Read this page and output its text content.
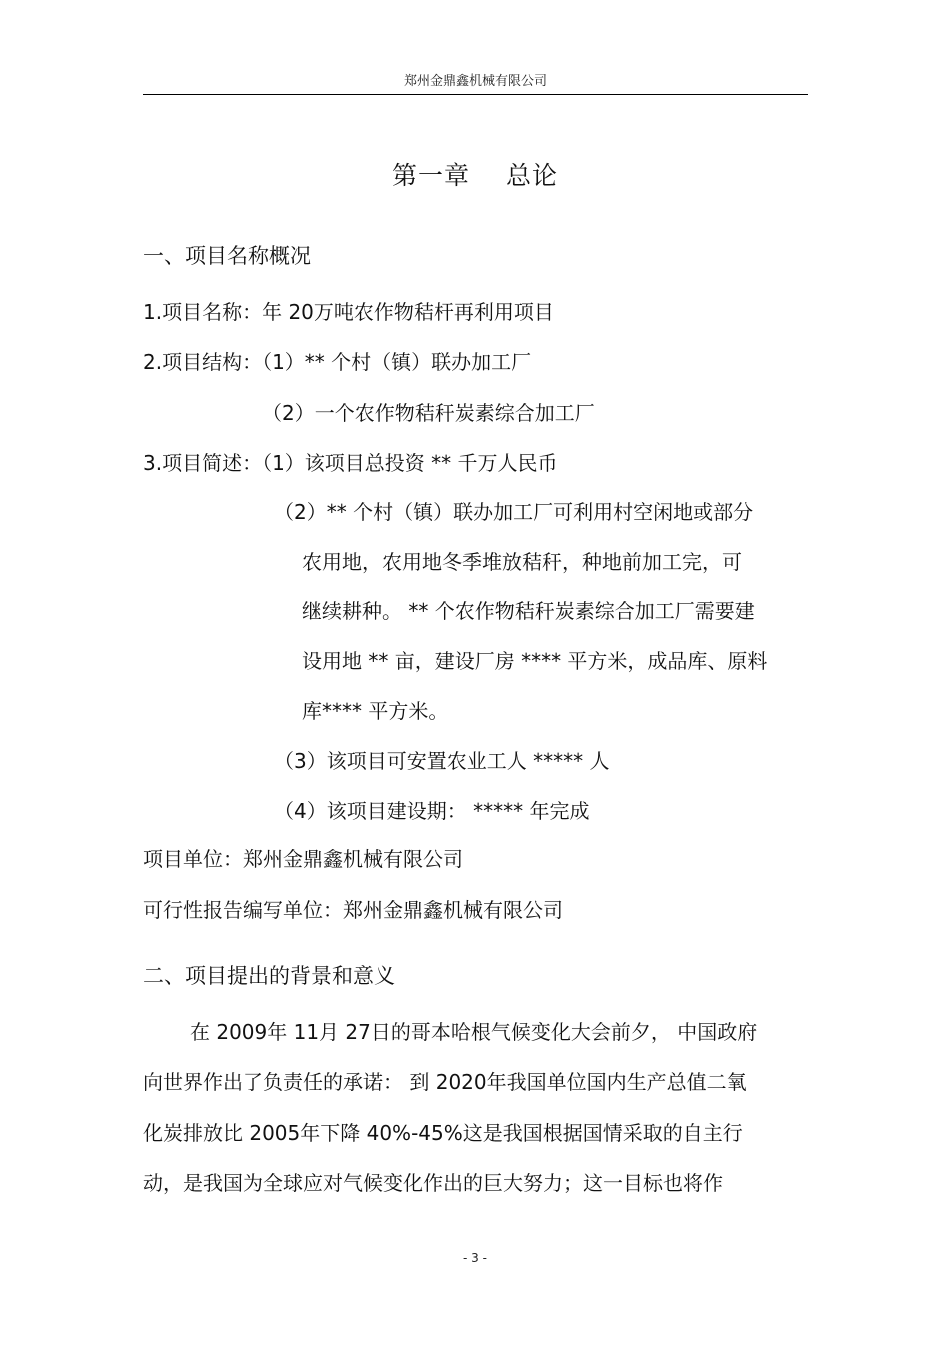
郑州金鼎鑫机械有限公司
第一章 总论
一、项目名称概况
1.项目名称：年 20万吨农作物秸杆再利用项目
2.项目结构：（1）** 个村（镇）联办加工厂
（2）一个农作物秸秆炭素综合加工厂
3.项目简述：（1）该项目总投资 ** 千万人民币
（2）** 个村（镇）联办加工厂可利用村空闲地或部分
农用地，农用地冬季堆放秸秆，种地前加工完，可
继续耕种。 ** 个农作物秸秆炭素综合加工厂需要建
设用地 ** 亩，建设厂房 **** 平方米，成品库、原料
库**** 平方米。
（3）该项目可安置农业工人 ***** 人
（4）该项目建设期： ***** 年完成
项目单位：郑州金鼎鑫机械有限公司
可行性报告编写单位：郑州金鼎鑫机械有限公司
二、项目提出的背景和意义
在 2009年 11月 27日的哥本哈根气候变化大会前夕， 中国政府
向世界作出了负责任的承诺： 到 2020年我国单位国内生产总值二氧
化炭排放比 2005年下降 40%-45%这是我国根据国情采取的自主行
动，是我国为全球应对气候变化作出的巨大努力；这一目标也将作
- 3 -
